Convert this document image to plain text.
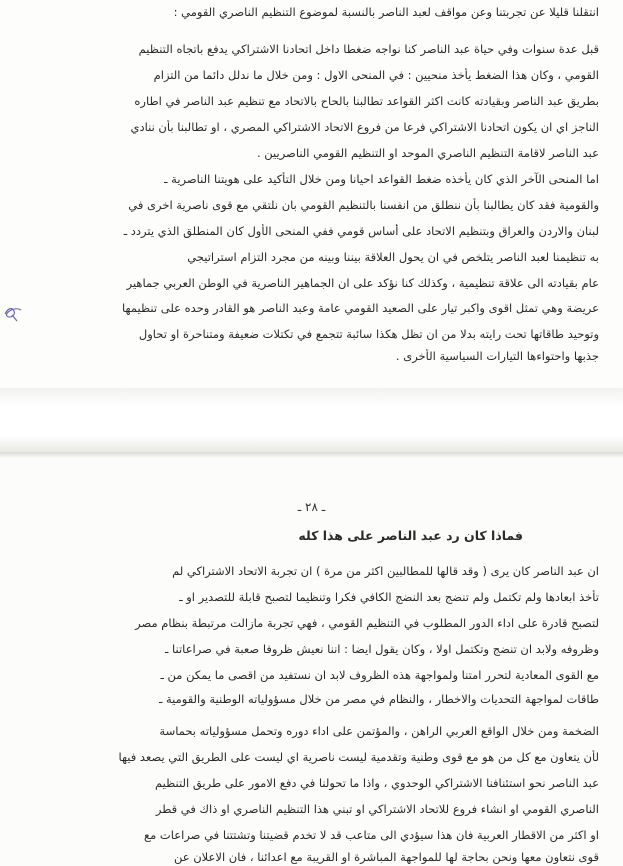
انتقلنا قليلا عن تجربتنا وعن مواقف لعبد الناصر بالنسبة لموضوع التنظيم الناصري القومي :
قبل عدة سنوات وفي حياة عبد الناصر كنا نواجه ضغطا داخل اتحادنا الاشتراكي يدفع باتجاه التنظيم
القومي ، وكان هذا الضغط يأخذ منحيين : في المنحى الاول : ومن خلال ما ندلل دائما من التزام
بطريق عبد الناصر وبقيادته كانت اكثر القواعد تطالبنا بالحاح بالاتحاد مع تنظيم عبد الناصر في اطاره
الناجز اي ان يكون اتحادنا الاشتراكي فرعا من فروع الاتحاد الاشتراكي المصري ، او تطالبنا بأن ننادي
عبد الناصر لاقامة التنظيم الناصري الموحد او التنظيم القومي الناصريين .
اما المنحى الآخر الذي كان يأخذه ضغط القواعد احيانا ومن خلال التأكيد على هويتنا الناصرية ـ
والقومية فقد كان يطالبنا بأن ننطلق من انفسنا بالتنظيم القومي بان نلتقي مع قوى ناصرية اخرى في
لبنان والاردن والعراق وبتنظيم الاتحاد على أساس قومي ففي المنحى الأول كان المنطلق الذي يتردد ـ
به تنظيمنا لعبد الناصر يتلخص في ان يحول العلاقة بيننا وبينه من مجرد التزام استراتيجي
عام بقيادته الى علاقة تنظيمية ، وكذلك كنا نؤكد على ان الجماهير الناصرية في الوطن العربي جماهير
عريضة وهي تمثل اقوى واكبر تيار على الصعيد القومي عامة وعبد الناصر هو القادر وحده على تنظيمها
وتوحيد طاقاتها تحت رايته بدلا من ان تظل هكذا سائبة تتجمع في تكتلات ضعيفة ومتناحرة او تحاول
جذبها واحتواءها التيارات السياسية الأخرى .
ـ ٢٨ ـ
فماذا كان رد عبد الناصر على هذا كله
ان عبد الناصر كان يرى ( وقد قالها للمطالبين اكثر من مرة ) ان تجربة الاتحاد الاشتراكي لم
تأخذ ابعادها ولم تكتمل ولم تنضج بعد النضج الكافي فكرا وتنظيما لتصبح قابلة للتصدير او ـ
لتصبح قادرة على اداء الدور المطلوب في التنظيم القومي ، فهي تجربة مازالت مرتبطة بنظام مصر
وظروفه ولابد ان تنضج وتكتمل اولا ، وكان يقول ايضا : اننا نعيش ظروفا صعبة في صراعاتنا ـ
مع القوى المعادية لتحرر امتنا ولمواجهة هذه الظروف لابد ان نستفيد من اقصى ما يمكن من ـ
طاقات لمواجهة التحديات والاخطار ، والنظام في مصر من خلال مسؤولياته الوطنية والقومية ـ
الضخمة ومن خلال الواقع العربي الراهن ، والمؤتمن على اداء دوره وتحمل مسؤولياته بحماسة
لأن يتعاون مع كل من هو مع قوى وطنية وتقدمية ليست ناصرية اي ليست على الطريق التي يصعد فيها
عبد الناصر نحو استئنافنا الاشتراكي الوحدوي ، واذا ما تحولنا في دفع الامور على طريق التنظيم
الناصري القومي او انشاء فروع للاتحاد الاشتراكي او تبني هذا التنظيم الناصري او ذاك في قطر
او اكثر من الاقطار العربية فان هذا سيؤدي الى متاعب قد لا تخدم قضيتنا وتشتتنا في صراعات مع
قوى نتعاون معها ونحن بحاجة لها للمواجهة المباشرة او القريبة مع اعدائنا ، فان الاعلان عن
